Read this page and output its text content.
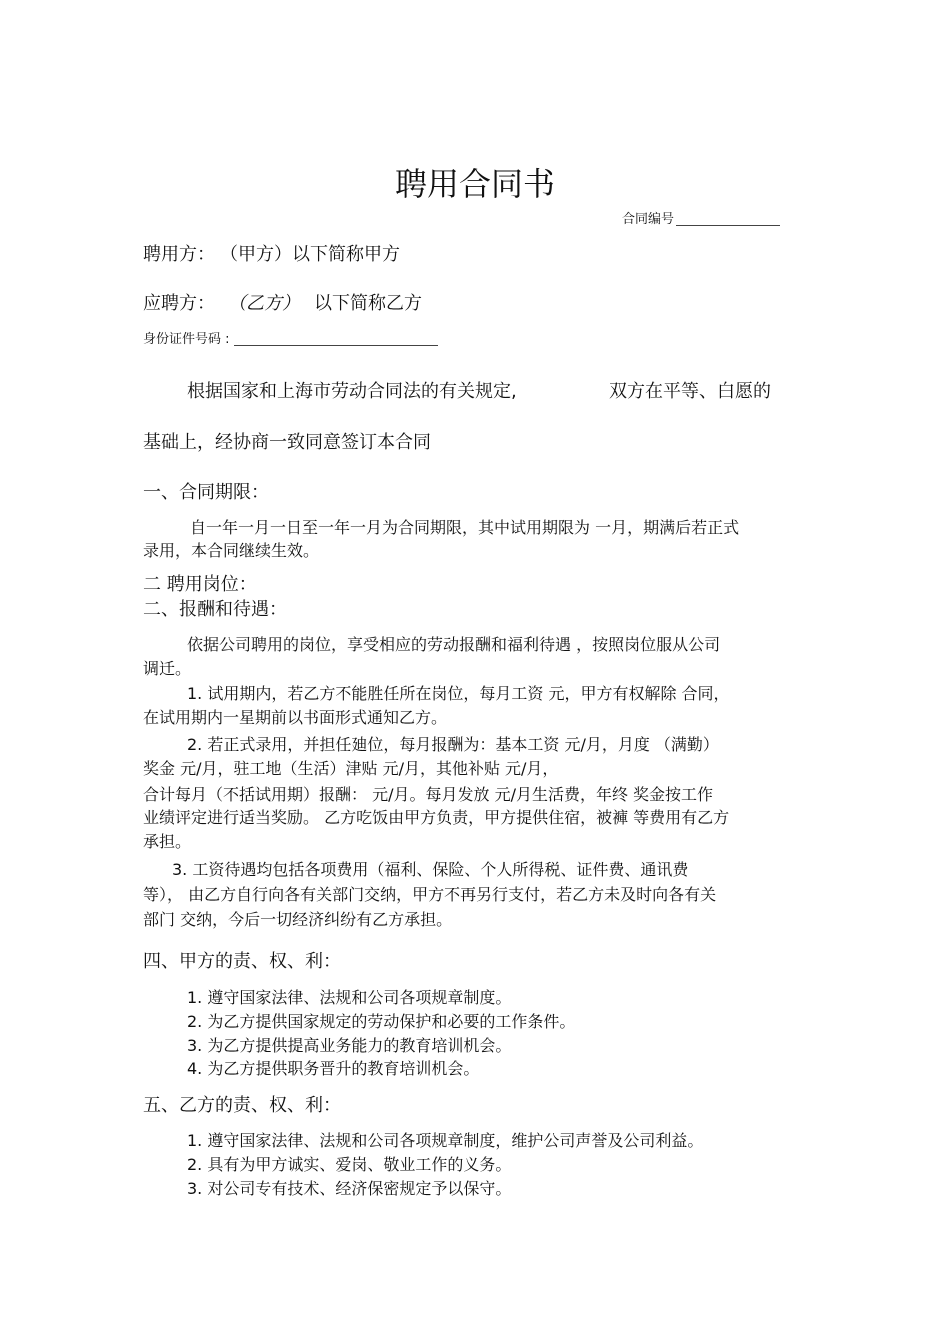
聘用合同书
合同编号
聘用方： （甲方）以下简称甲方
应聘方： （乙方） 以下简称乙方
身份证件号码 :
根据国家和上海市劳动合同法的有关规定,	双方在平等、白愿的
基础上，经协商一致同意签订本合同
一、合同期限：
自一年一月一日至一年一月为合同期限，其中试用期限为 一月，期满后若正式
录用，本合同继续生效。
二 聘用岗位：
二、报酬和待遇：
依据公司聘用的岗位，享受相应的劳动报酬和福利待遇 ，按照岗位服从公司
调迁。
1. 试用期内，若乙方不能胜任所在岗位，每月工资 元，甲方有权解除 合同，
在试用期内一星期前以书面形式通知乙方。
2. 若正式录用，并担任廸位，每月报酬为：基本工资 元/月，月度 （满勤）
奖金 元/月，驻工地（生活）津贴 元/月，其他补贴 元/月，
合计每月（不括试用期）报酬： 元/月。每月发放 元/月生活费，年终 奖金按工作
业绩评定进行适当奖励。 乙方吃饭由甲方负责，甲方提供住宿，被褲 等费用有乙方
承担。
3. 工资待遇均包括各项费用（福利、保险、个人所得税、证件费、通讯费
等）， 由乙方自行向各有关部门交纳，甲方不再另行支付，若乙方未及时向各有关
部门 交纳，今后一切经济纠纷有乙方承担。
四、甲方的责、权、利：
1. 遵守国家法律、法规和公司各项规章制度。
2. 为乙方提供国家规定的劳动保护和必要的工作条件。
3. 为乙方提供提高业务能力的教育培训机会。
4. 为乙方提供职务晋升的教育培训机会。
五、乙方的责、权、利：
1. 遵守国家法律、法规和公司各项规章制度，维护公司声誉及公司利益。
2. 具有为甲方诚实、爱岗、敬业工作的义务。
3. 对公司专有技术、经济保密规定予以保守。
